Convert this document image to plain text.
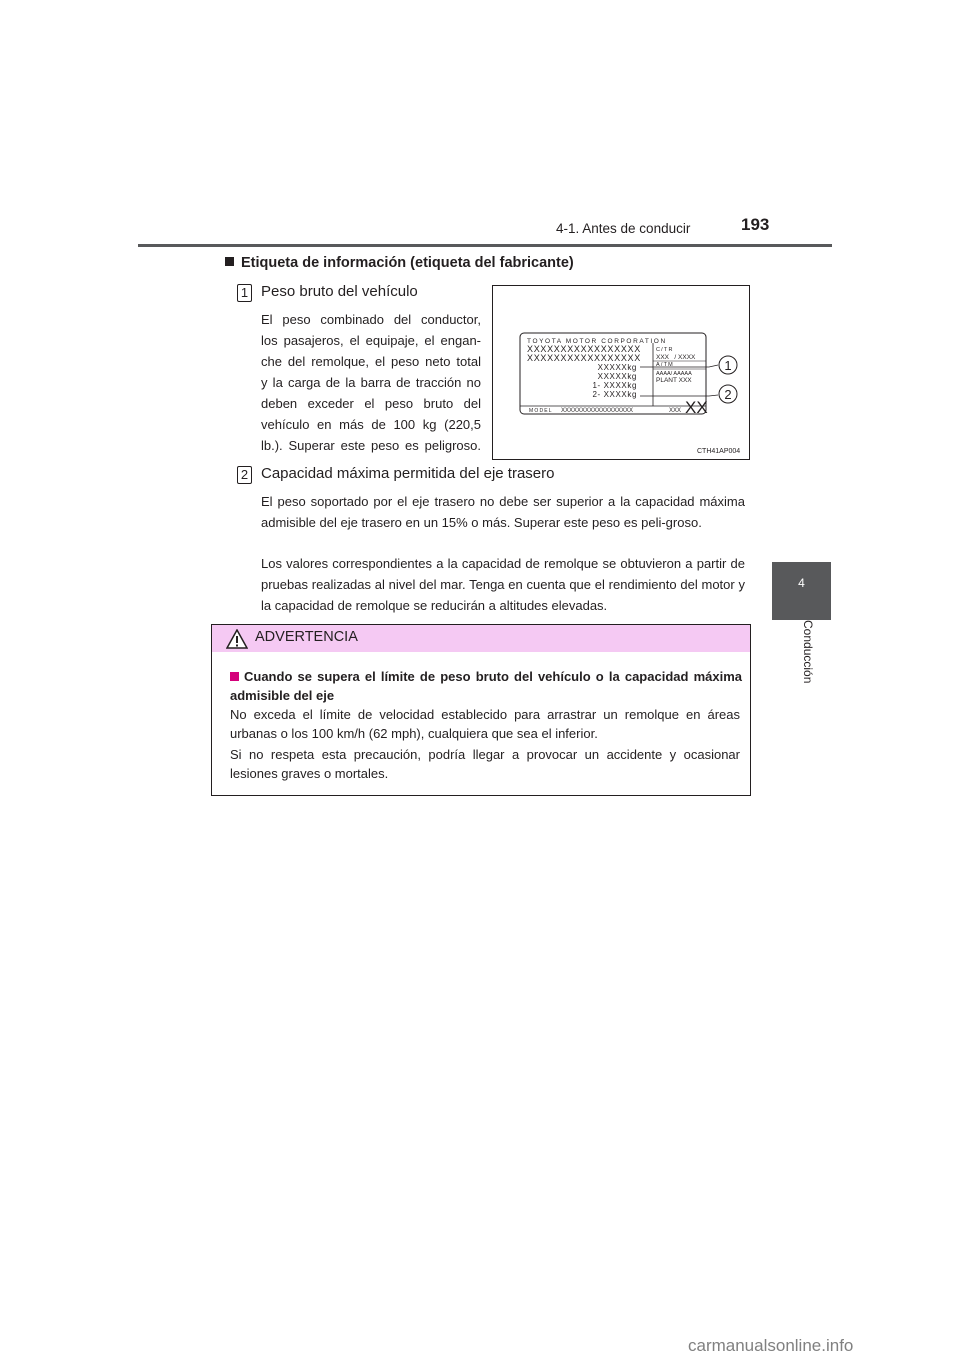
4-1. Antes de conducir	193
4
Conducción
Etiqueta de información (etiqueta del fabricante)
1 Peso bruto del vehículo
El peso combinado del conductor,
los pasajeros, el equipaje, el engan-
che del remolque, el peso neto total
y la carga de la barra de tracción no
deben exceder el peso bruto del
vehículo en más de 100 kg (220,5
lb.). Superar este peso es peligroso.
TOYOTA MOTOR CORPORATION
XXXXXXXXXXXXXXXXX
XXXXXXXXXXXXXXXXX
XXXXXkg
XXXXXkg
1- XXXXkg
2- XXXXkg
C/TR
XXX   / XXXX
A/TM
AAAA/ AAAAA
PLANT XXX
MODEL XXXXXXXXXXXXXXXXXX	XXX XX
1
2
CTH41AP004
2 Capacidad máxima permitida del eje trasero
El peso soportado por el eje trasero no debe ser superior a la capacidad máxima admisible del eje trasero en un 15% o más. Superar este peso es peli-groso.
Los valores correspondientes a la capacidad de remolque se obtuvieron a partir de pruebas realizadas al nivel del mar. Tenga en cuenta que el rendimiento del motor y la capacidad de remolque se reducirán a altitudes elevadas.
ADVERTENCIA
Cuando se supera el límite de peso bruto del vehículo o la capacidad máxima admisible del eje
No exceda el límite de velocidad establecido para arrastrar un remolque en áreas urbanas o los 100 km/h (62 mph), cualquiera que sea el inferior.
Si no respeta esta precaución, podría llegar a provocar un accidente y ocasionar lesiones graves o mortales.
carmanualsonline.info
